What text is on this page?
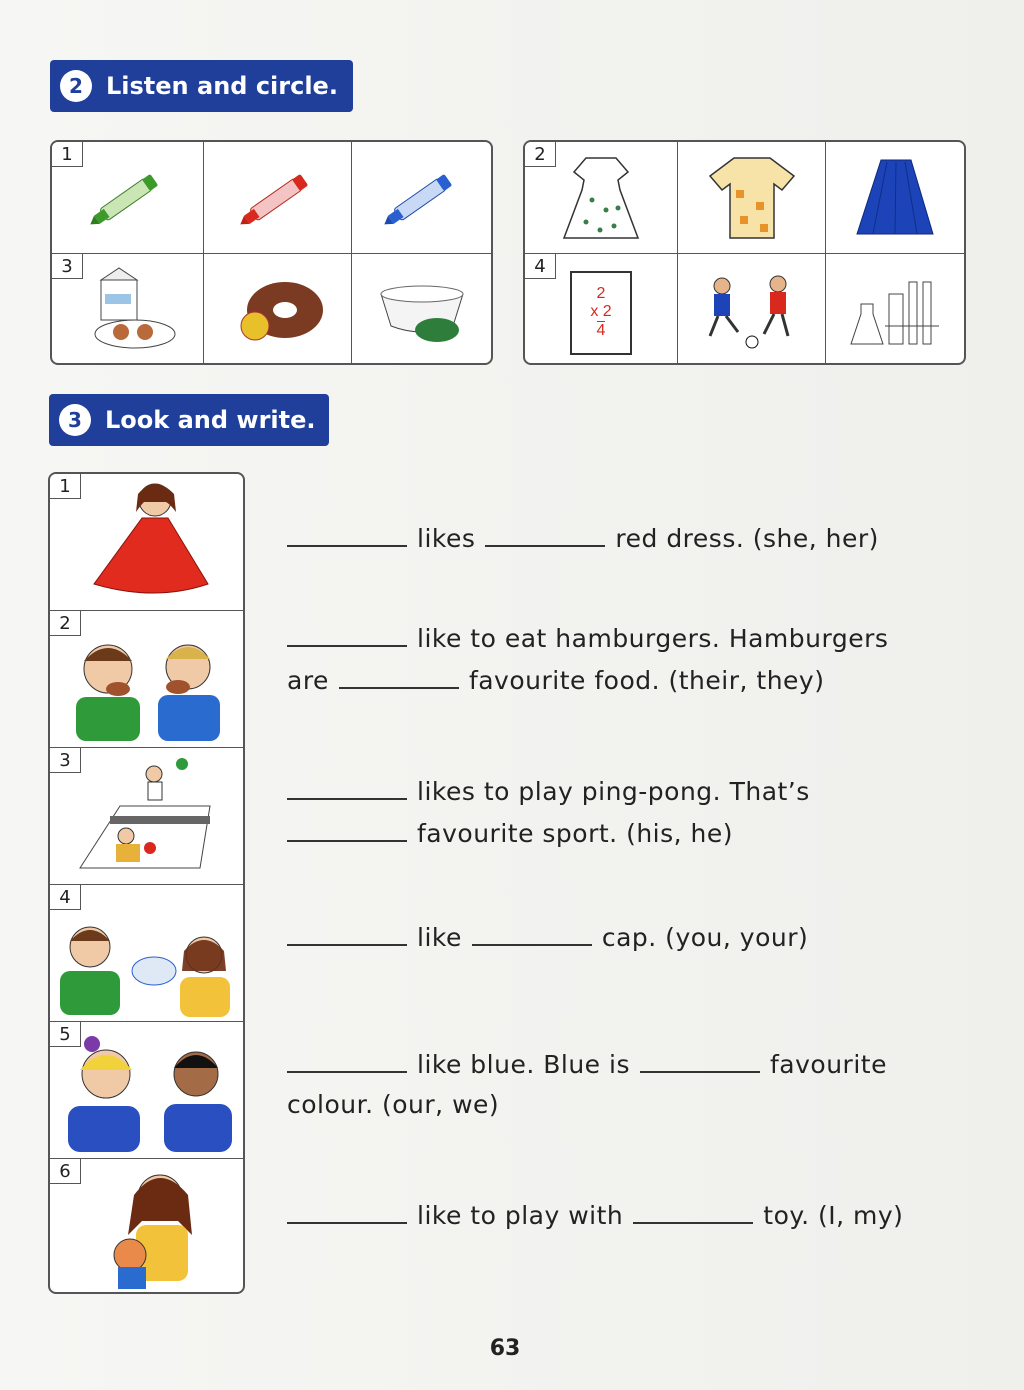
2 Listen and circle.
1
3
2
4
2
x 2
4
3 Look and write.
1
2
3
4
5
6
likes	red dress. (she, her)
like to eat hamburgers. Hamburgers
are	favourite food. (their, they)
likes to play ping-pong. That’s
favourite sport. (his, he)
like	cap. (you, your)
like blue. Blue is	favourite
colour. (our, we)
like to play with	toy. (I, my)
63
